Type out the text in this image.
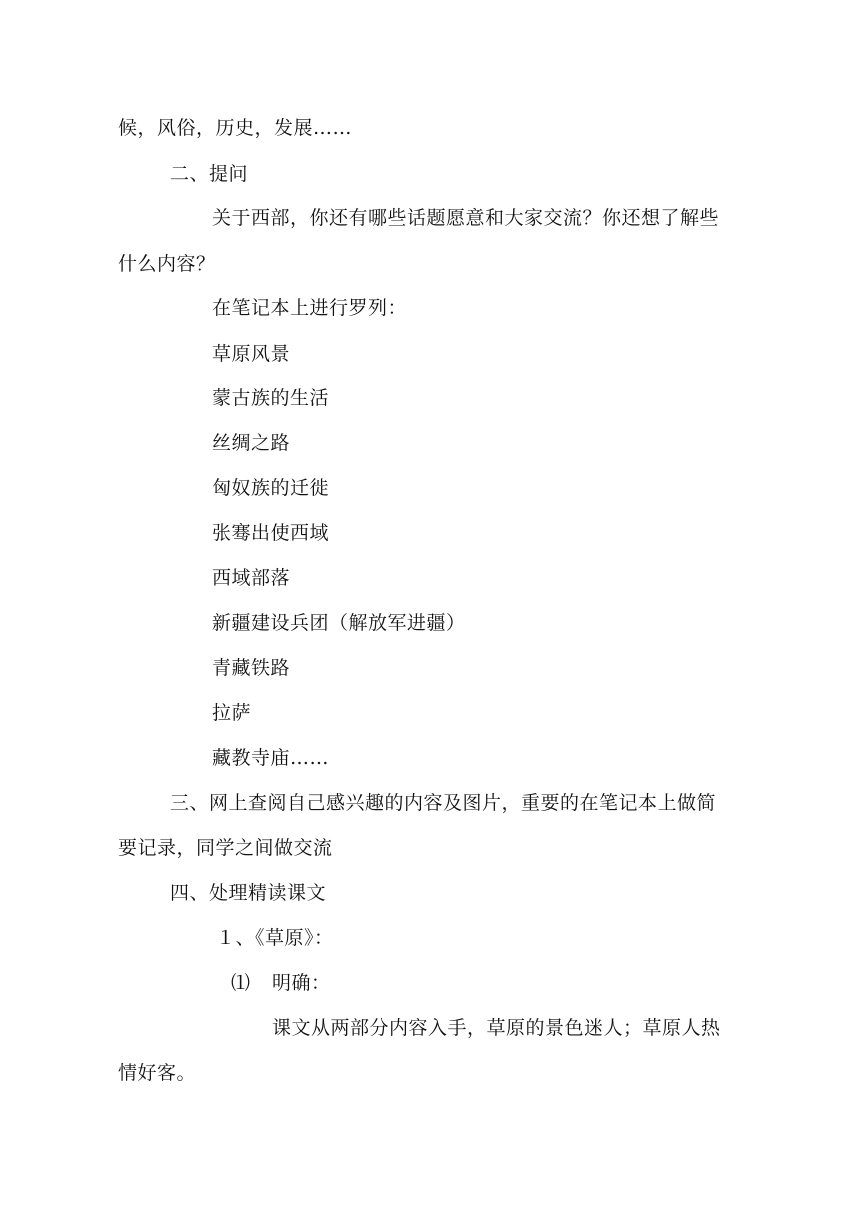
候，风俗，历史，发展……
二、提问
关于西部，你还有哪些话题愿意和大家交流？你还想了解些
什么内容？
在笔记本上进行罗列：
草原风景
蒙古族的生活
丝绸之路
匈奴族的迁徙
张骞出使西域
西域部落
新疆建设兵团（解放军进疆）
青藏铁路
拉萨
藏教寺庙……
三、网上查阅自己感兴趣的内容及图片，重要的在笔记本上做简
要记录，同学之间做交流
四、处理精读课文
１、《草原》：
⑴ 明确：
课文从两部分内容入手，草原的景色迷人；草原人热
情好客。
